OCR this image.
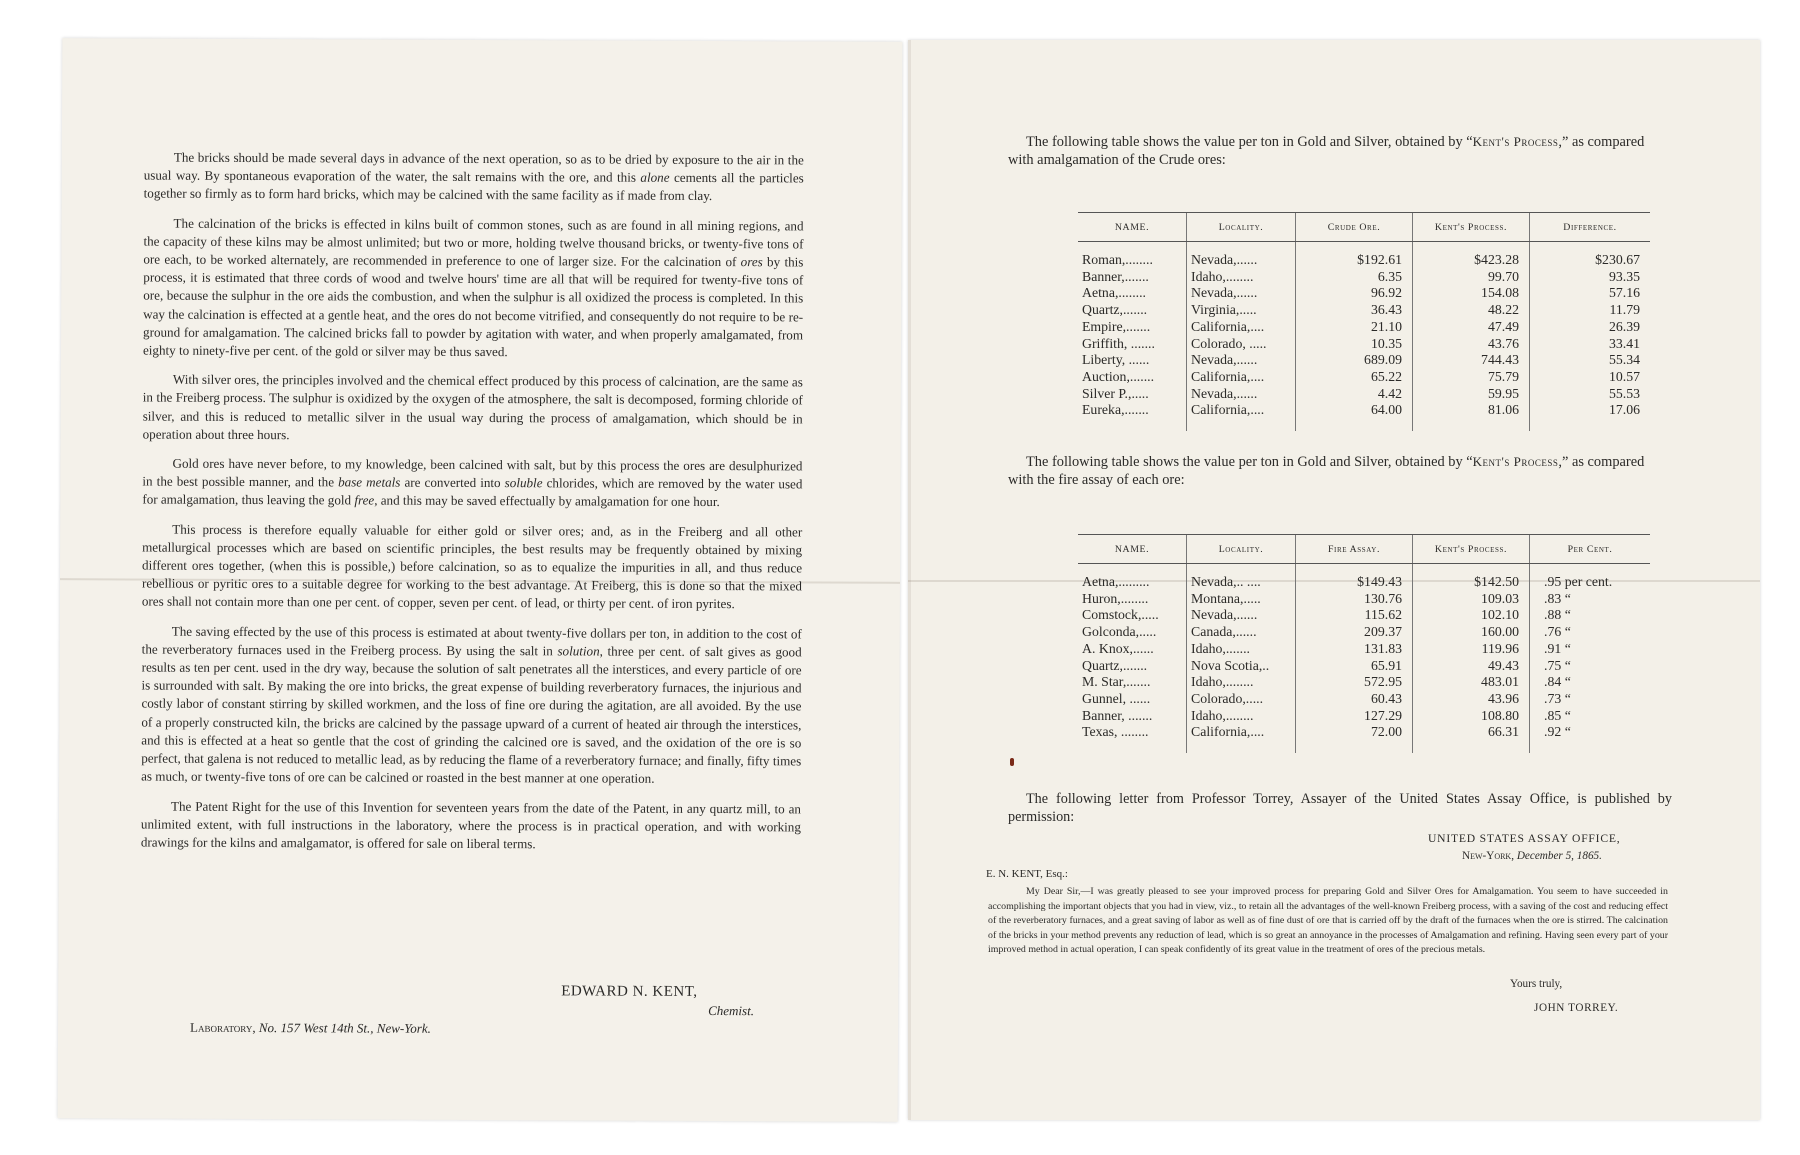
The bricks should be made several days in advance of the next operation, so as to be dried by exposure to the air in the usual way. By spontaneous evaporation of the water, the salt remains with the ore, and this alone cements all the particles together so firmly as to form hard bricks, which may be calcined with the same facility as if made from clay.

The calcination of the bricks is effected in kilns built of common stones, such as are found in all mining regions, and the capacity of these kilns may be almost unlimited; but two or more, holding twelve thousand bricks, or twenty-five tons of ore each, to be worked alternately, are recommended in preference to one of larger size. For the calcination of ores by this process, it is estimated that three cords of wood and twelve hours' time are all that will be required for twenty-five tons of ore, because the sulphur in the ore aids the combustion, and when the sulphur is all oxidized the process is completed. In this way the calcination is effected at a gentle heat, and the ores do not become vitrified, and consequently do not require to be re-ground for amalgamation. The calcined bricks fall to powder by agitation with water, and when properly amalgamated, from eighty to ninety-five per cent. of the gold or silver may be thus saved.

With silver ores, the principles involved and the chemical effect produced by this process of calcination, are the same as in the Freiberg process. The sulphur is oxidized by the oxygen of the atmosphere, the salt is decomposed, forming chloride of silver, and this is reduced to metallic silver in the usual way during the process of amalgamation, which should be in operation about three hours.

Gold ores have never before, to my knowledge, been calcined with salt, but by this process the ores are desulphurized in the best possible manner, and the base metals are converted into soluble chlorides, which are removed by the water used for amalgamation, thus leaving the gold free, and this may be saved effectually by amalgamation for one hour.

This process is therefore equally valuable for either gold or silver ores; and, as in the Freiberg and all other metallurgical processes which are based on scientific principles, the best results may be frequently obtained by mixing different ores together, (when this is possible,) before calcination, so as to equalize the impurities in all, and thus reduce rebellious or pyritic ores to a suitable degree for working to the best advantage. At Freiberg, this is done so that the mixed ores shall not contain more than one per cent. of copper, seven per cent. of lead, or thirty per cent. of iron pyrites.

The saving effected by the use of this process is estimated at about twenty-five dollars per ton, in addition to the cost of the reverberatory furnaces used in the Freiberg process. By using the salt in solution, three per cent. of salt gives as good results as ten per cent. used in the dry way, because the solution of salt penetrates all the interstices, and every particle of ore is surrounded with salt. By making the ore into bricks, the great expense of building reverberatory furnaces, the injurious and costly labor of constant stirring by skilled workmen, and the loss of fine ore during the agitation, are all avoided. By the use of a properly constructed kiln, the bricks are calcined by the passage upward of a current of heated air through the interstices, and this is effected at a heat so gentle that the cost of grinding the calcined ore is saved, and the oxidation of the ore is so perfect, that galena is not reduced to metallic lead, as by reducing the flame of a reverberatory furnace; and finally, fifty times as much, or twenty-five tons of ore can be calcined or roasted in the best manner at one operation.

The Patent Right for the use of this Invention for seventeen years from the date of the Patent, in any quartz mill, to an unlimited extent, with full instructions in the laboratory, where the process is in practical operation, and with working drawings for the kilns and amalgamator, is offered for sale on liberal terms.

EDWARD N. KENT,
Chemist.
Laboratory, No. 157 West 14th St., New-York.
The following table shows the value per ton in Gold and Silver, obtained by “Kent's Process,” as compared with amalgamation of the Crude ores:
NAME.	Locality.	Crude Ore.	Kent's Process.	Difference.

Roman,........	Nevada,......	$192.61	$423.28	$230.67
Banner,.......	Idaho,........	6.35	99.70	93.35
Aetna,........	Nevada,......	96.92	154.08	57.16
Quartz,.......	Virginia,.....	36.43	48.22	11.79
Empire,.......	California,....	21.10	47.49	26.39
Griffith, .......	Colorado, .....	10.35	43.76	33.41
Liberty, ......	Nevada,......	689.09	744.43	55.34
Auction,.......	California,....	65.22	75.79	10.57
Silver P.,.....	Nevada,......	4.42	59.95	55.53
Eureka,.......	California,....	64.00	81.06	17.06

The following table shows the value per ton in Gold and Silver, obtained by “Kent's Process,” as compared with the fire assay of each ore:
NAME.	Locality.	Fire Assay.	Kent's Process.	Per Cent.

Aetna,.........	Nevada,.. ....	$149.43	$142.50	.95 per cent.
Huron,........	Montana,.....	130.76	109.03	.83 “
Comstock,.....	Nevada,......	115.62	102.10	.88 “
Golconda,.....	Canada,......	209.37	160.00	.76 “
A. Knox,......	Idaho,.......	131.83	119.96	.91 “
Quartz,.......	Nova Scotia,..	65.91	49.43	.75 “
M. Star,.......	Idaho,........	572.95	483.01	.84 “
Gunnel, ......	Colorado,.....	60.43	43.96	.73 “
Banner, .......	Idaho,........	127.29	108.80	.85 “
Texas, ........	California,....	72.00	66.31	.92 “

The following letter from Professor Torrey, Assayer of the United States Assay Office, is published by permission:
UNITED STATES ASSAY OFFICE,
New-York, December 5, 1865.
E. N. KENT, Esq.:
My Dear Sir,—I was greatly pleased to see your improved process for preparing Gold and Silver Ores for Amalgamation. You seem to have succeeded in accomplishing the important objects that you had in view, viz., to retain all the advantages of the well-known Freiberg process, with a saving of the cost and reducing effect of the reverberatory furnaces, and a great saving of labor as well as of fine dust of ore that is carried off by the draft of the furnaces when the ore is stirred. The calcination of the bricks in your method prevents any reduction of lead, which is so great an annoyance in the processes of Amalgamation and refining. Having seen every part of your improved method in actual operation, I can speak confidently of its great value in the treatment of ores of the precious metals.
Yours truly,
JOHN TORREY.
